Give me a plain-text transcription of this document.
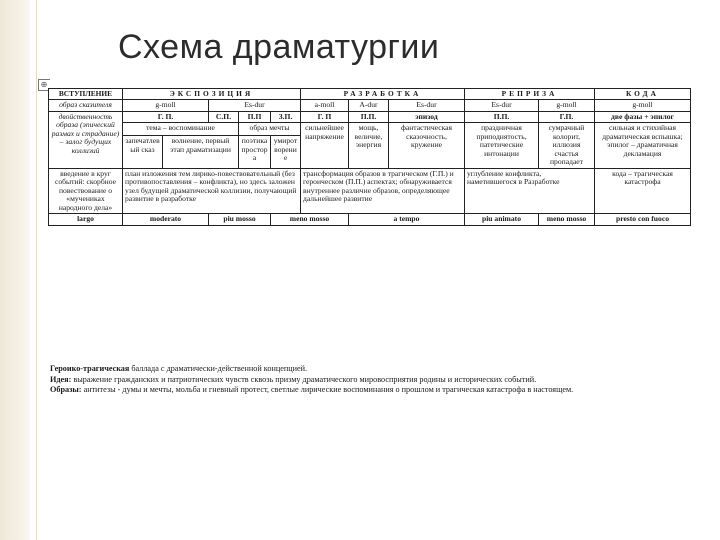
Схема драматургии
⊕
ВСТУПЛЕНИЕ	ЭКСПОЗИЦИЯ					РАЗРАБОТКА			РЕПРИЗА		КОДА
образ сказителя	g-moll		Es-dur			a-moll	A-dur	Es-dur	Es-dur	g-moll	g-moll
двойственность образа (эпический размах и страдание) – залог будущих коллизий	Г. П.		С.П.	П.П	З.П.	Г. П	П.П.	эпизод	П.П.	Г.П.	две фазы + эпилог
	тема – воспоминание			образ мечты		сильнейшее напряжение	мощь, величие, энергия	фантастическая сказочность, кружение	праздничная приподнятость, патетические интонации	сумрачный колорит, иллюзия счастья пропадает	сильная и стихийная драматическая вспышка; эпилог – драматичная декламация
	запечатлевый сказ	волнение, первый этап драматизации		поэтика простора	умиротворение						
введение в круг событий: скорбное повествование о «мучениках народного дела»	план изложения тем лирико-повествовательный (без противопоставления – конфликта), но здесь заложен узел будущей драматической коллизии, получающий развитие в разработке					трансформация образов в трагическом (Г.П.) и героическом (П.П.) аспектах; обнаруживается внутреннее различие образов, определяющее дальнейшее развитие			углубление конфликта, наметившегося в Разработке		кода – трагическая катастрофа
largo	moderato		piu mosso		meno mosso		a tempo		piu animato	meno mosso	presto con fuoco
Героико-трагическая баллада с драматически-действенной концепцией.
Идея: выражение гражданских и патриотических чувств сквозь призму драматического мировосприятия родины и исторических событий.
Образы: антитезы - думы и мечты, мольба и гневный протест, светлые лирические воспоминания о прошлом и трагическая катастрофа в настоящем.
